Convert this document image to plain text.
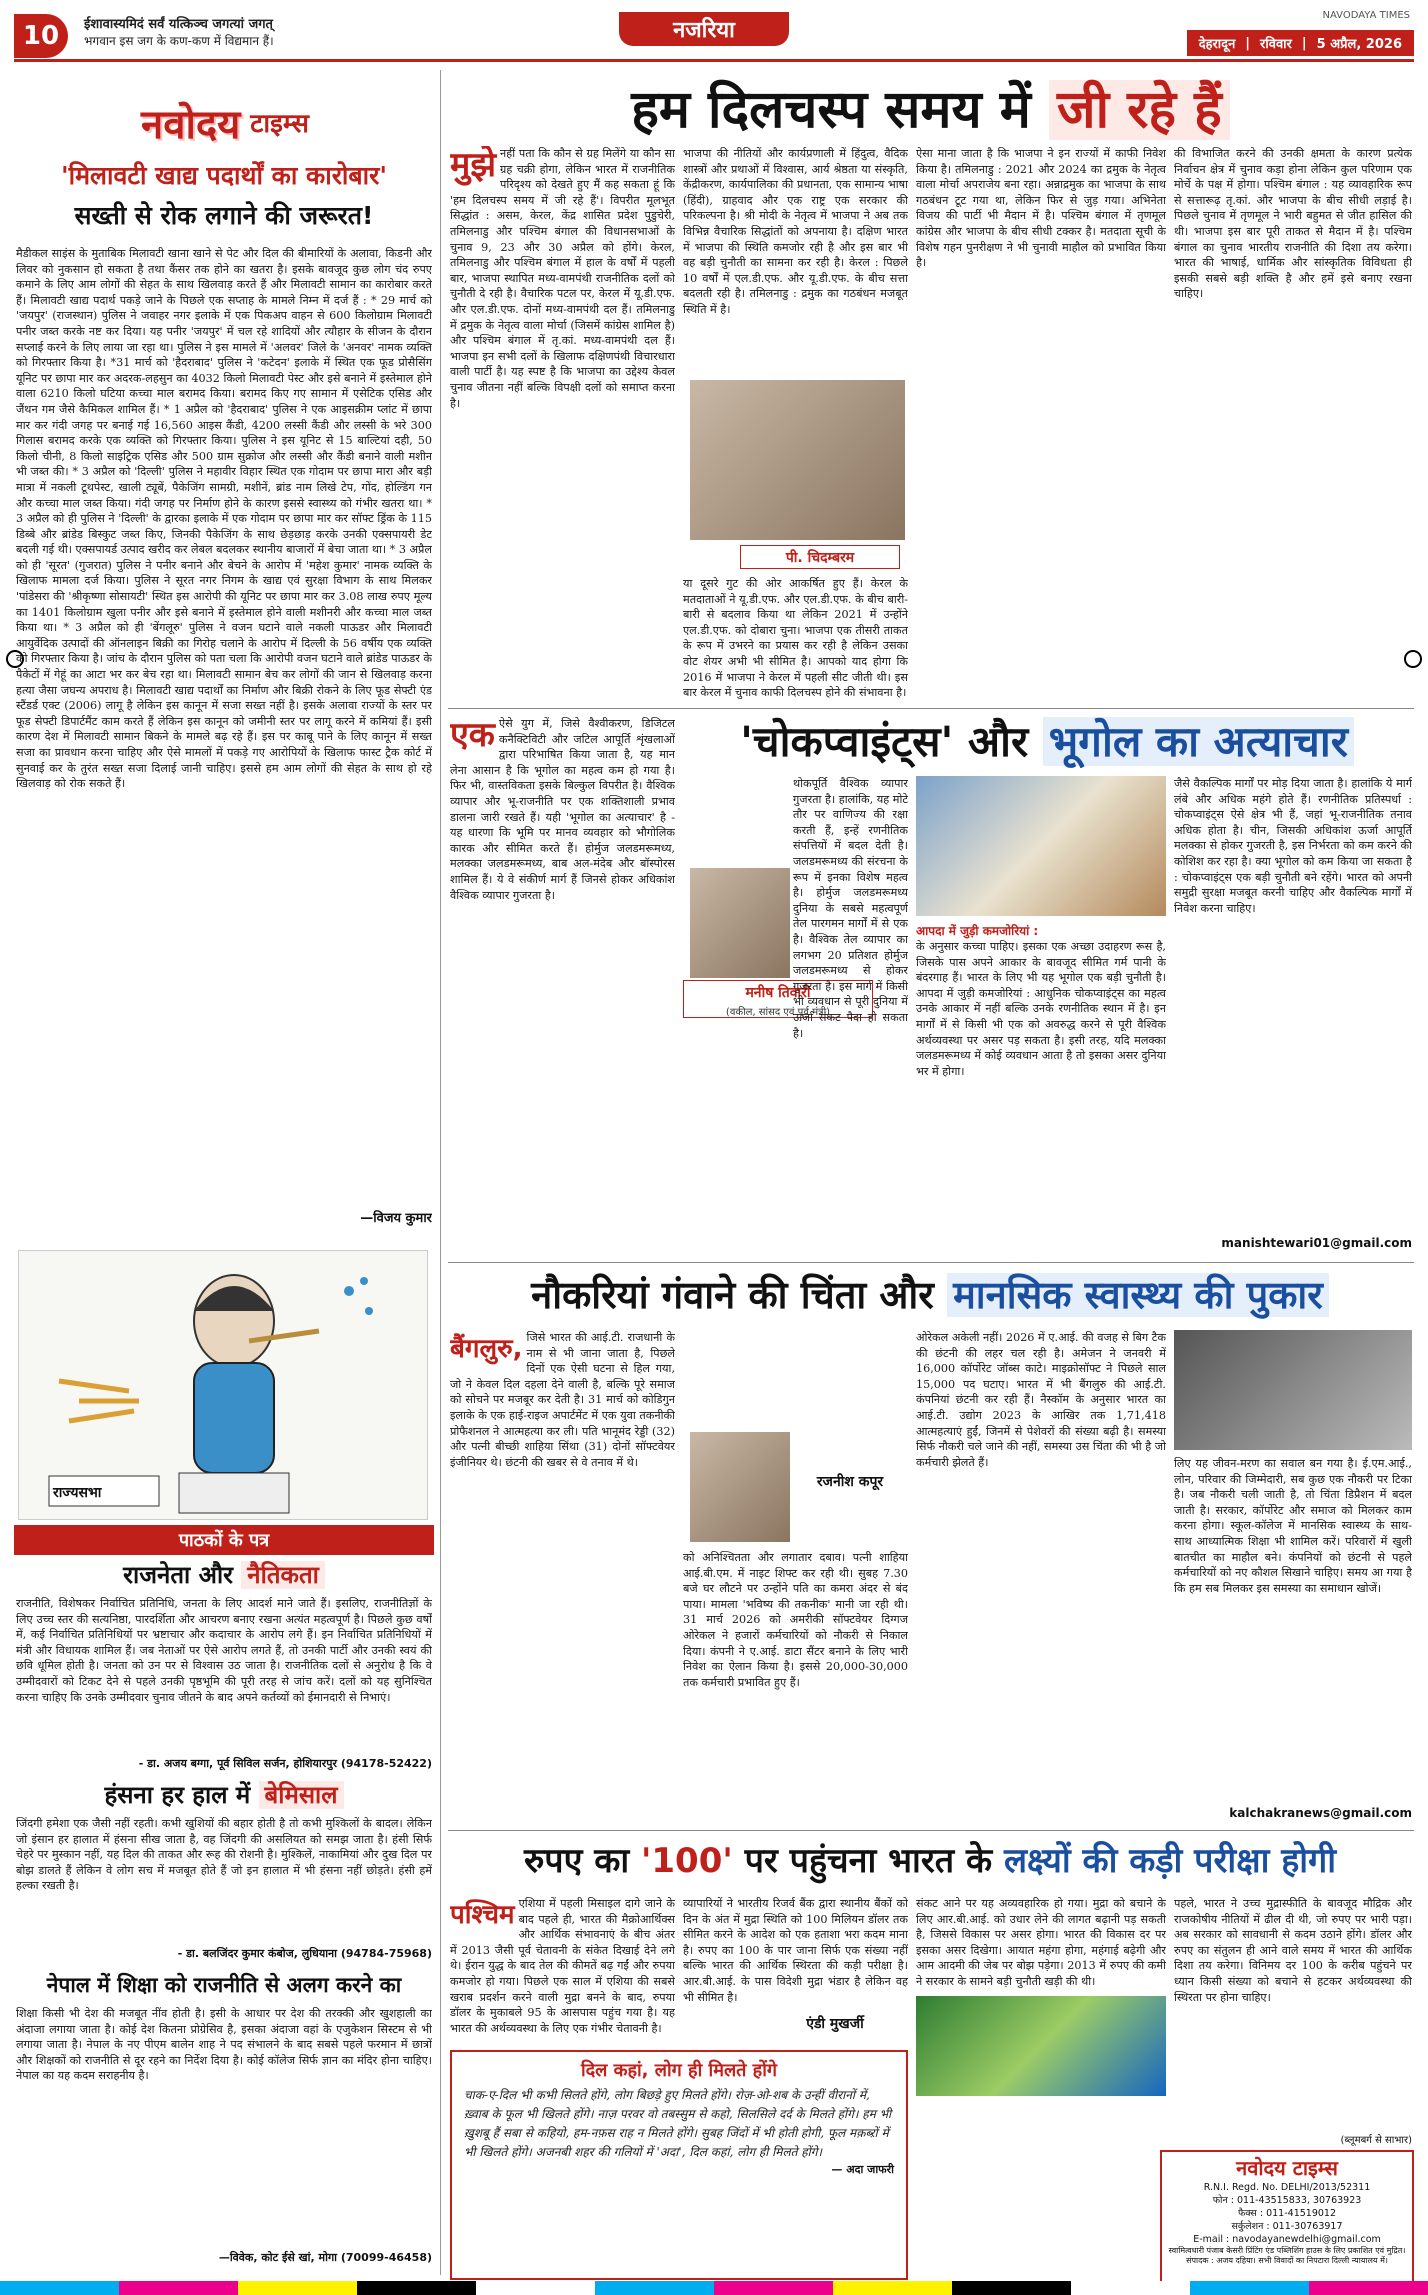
10	ईशावास्यमिदं सर्वं यत्किञ्च जगत्यां जगत्
भगवान इस जग के कण-कण में विद्यमान हैं।	नजरिया
NAVODAYA TIMES
देहरादून | रविवार | 5 अप्रैल, 2026
नवोदय टाइम्स
'मिलावटी खाद्य पदार्थों का कारोबार'
सख्ती से रोक लगाने की जरूरत!
मैडीकल साइंस के मुताबिक मिलावटी खाना खाने से पेट और दिल की बीमारियों के अलावा, किडनी और लिवर को नुकसान हो सकता है तथा कैंसर तक होने का खतरा है। इसके बावजूद कुछ लोग चंद रुपए कमाने के लिए आम लोगों की सेहत के साथ खिलवाड़ करते हैं और मिलावटी सामान का कारोबार करते हैं। मिलावटी खाद्य पदार्थ पकड़े जाने के पिछले एक सप्ताह के मामले निम्न में दर्ज हैं : * 29 मार्च को 'जयपुर' (राजस्थान) पुलिस ने जवाहर नगर इलाके में एक पिकअप वाहन से 600 किलोग्राम मिलावटी पनीर जब्त करके नष्ट कर दिया। यह पनीर 'जयपुर' में चल रहे शादियों और त्यौहार के सीजन के दौरान सप्लाई करने के लिए लाया जा रहा था। पुलिस ने इस मामले में 'अलवर' जिले के 'अनवर' नामक व्यक्ति को गिरफ्तार किया है। *31 मार्च को 'हैदराबाद' पुलिस ने 'कटेदन' इलाके में स्थित एक फूड प्रोसैसिंग यूनिट पर छापा मार कर अदरक-लहसुन का 4032 किलो मिलावटी पेस्ट और इसे बनाने में इस्तेमाल होने वाला 6210 किलो घटिया कच्चा माल बरामद किया। बरामद किए गए सामान में एसेटिक एसिड और जैंथन गम जैसे कैमिकल शामिल हैं। * 1 अप्रैल को 'हैदराबाद' पुलिस ने एक आइसक्रीम प्लांट में छापा मार कर गंदी जगह पर बनाई गई 16,560 आइस कैंडी, 4200 लस्सी कैंडी और लस्सी के भरे 300 गिलास बरामद करके एक व्यक्ति को गिरफ्तार किया। पुलिस ने इस यूनिट से 15 बाल्टियां दही, 50 किलो चीनी, 8 किलो साइट्रिक एसिड और 500 ग्राम सुक्रोज और लस्सी और कैंडी बनाने वाली मशीन भी जब्त की। * 3 अप्रैल को 'दिल्ली' पुलिस ने महावीर विहार स्थित एक गोदाम पर छापा मारा और बड़ी मात्रा में नकली टूथपेस्ट, खाली ट्यूबें, पैकेजिंग सामग्री, मशीनें, ब्रांड नाम लिखे टेप, गोंद, होल्डिंग गन और कच्चा माल जब्त किया। गंदी जगह पर निर्माण होने के कारण इससे स्वास्थ्य को गंभीर खतरा था। * 3 अप्रैल को ही पुलिस ने 'दिल्ली' के द्वारका इलाके में एक गोदाम पर छापा मार कर सॉफ्ट ड्रिंक के 115 डिब्बे और ब्रांडेड बिस्कुट जब्त किए, जिनकी पैकेजिंग के साथ छेड़छाड़ करके उनकी एक्सपायरी डेट बदली गई थी। एक्सपायर्ड उत्पाद खरीद कर लेबल बदलकर स्थानीय बाजारों में बेचा जाता था। * 3 अप्रैल को ही 'सूरत' (गुजरात) पुलिस ने पनीर बनाने और बेचने के आरोप में 'महेश कुमार' नामक व्यक्ति के खिलाफ मामला दर्ज किया। पुलिस ने सूरत नगर निगम के खाद्य एवं सुरक्षा विभाग के साथ मिलकर 'पांडेसरा की 'श्रीकृष्णा सोसायटी' स्थित इस आरोपी की यूनिट पर छापा मार कर 3.08 लाख रुपए मूल्य का 1401 किलोग्राम खुला पनीर और इसे बनाने में इस्तेमाल होने वाली मशीनरी और कच्चा माल जब्त किया था। * 3 अप्रैल को ही 'बेंगलूरु' पुलिस ने वजन घटाने वाले नकली पाऊडर और मिलावटी आयुर्वेदिक उत्पादों की ऑनलाइन बिक्री का गिरोह चलाने के आरोप में दिल्ली के 56 वर्षीय एक व्यक्ति को गिरफ्तार किया है। जांच के दौरान पुलिस को पता चला कि आरोपी वजन घटाने वाले ब्रांडेड पाऊडर के पैकेटों में गेहूं का आटा भर कर बेच रहा था। मिलावटी सामान बेच कर लोगों की जान से खिलवाड़ करना हत्या जैसा जघन्य अपराध है। मिलावटी खाद्य पदार्थों का निर्माण और बिक्री रोकने के लिए फूड सेफ्टी एंड स्टैंडर्ड एक्ट (2006) लागू है लेकिन इस कानून में सजा सख्त नहीं है। इसके अलावा राज्यों के स्तर पर फूड सेफ्टी डिपार्टमैंट काम करते हैं लेकिन इस कानून को जमीनी स्तर पर लागू करने में कमियां हैं। इसी कारण देश में मिलावटी सामान बिकने के मामले बढ़ रहे हैं। इस पर काबू पाने के लिए कानून में सख्त सजा का प्रावधान करना चाहिए और ऐसे मामलों में पकड़े गए आरोपियों के खिलाफ फास्ट ट्रैक कोर्ट में सुनवाई कर के तुरंत सख्त सजा दिलाई जानी चाहिए। इससे हम आम लोगों की सेहत के साथ हो रहे खिलवाड़ को रोक सकते हैं।
—विजय कुमार
राज्यसभा
पाठकों के पत्र
राजनेता और नैतिकता
राजनीति, विशेषकर निर्वाचित प्रतिनिधि, जनता के लिए आदर्श माने जाते हैं। इसलिए, राजनीतिज्ञों के लिए उच्च स्तर की सत्यनिष्ठा, पारदर्शिता और आचरण बनाए रखना अत्यंत महत्वपूर्ण है। पिछले कुछ वर्षों में, कई निर्वाचित प्रतिनिधियों पर भ्रष्टाचार और कदाचार के आरोप लगे हैं। इन निर्वाचित प्रतिनिधियों में मंत्री और विधायक शामिल हैं। जब नेताओं पर ऐसे आरोप लगते हैं, तो उनकी पार्टी और उनकी स्वयं की छवि धूमिल होती है। जनता को उन पर से विश्वास उठ जाता है। राजनीतिक दलों से अनुरोध है कि वे उम्मीदवारों को टिकट देने से पहले उनकी पृष्ठभूमि की पूरी तरह से जांच करें। दलों को यह सुनिश्चित करना चाहिए कि उनके उम्मीदवार चुनाव जीतने के बाद अपने कर्तव्यों को ईमानदारी से निभाएं।
- डा. अजय बग्गा, पूर्व सिविल सर्जन, होशियारपुर (94178-52422)
हंसना हर हाल में बेमिसाल
जिंदगी हमेशा एक जैसी नहीं रहती। कभी खुशियों की बहार होती है तो कभी मुश्किलों के बादल। लेकिन जो इंसान हर हालात में हंसना सीख जाता है, वह जिंदगी की असलियत को समझ जाता है। हंसी सिर्फ चेहरे पर मुस्कान नहीं, यह दिल की ताकत और रूह की रोशनी है। मुश्किलें, नाकामियां और दुख दिल पर बोझ डालते हैं लेकिन वे लोग सच में मजबूत होते हैं जो इन हालात में भी हंसना नहीं छोड़ते। हंसी हमें हल्का रखती है।
- डा. बलजिंदर कुमार कंबोज, लुधियाना (94784-75968)
नेपाल में शिक्षा को राजनीति से अलग करने का
शिक्षा किसी भी देश की मजबूत नींव होती है। इसी के आधार पर देश की तरक्की और खुशहाली का अंदाजा लगाया जाता है। कोई देश कितना प्रोग्रेसिव है, इसका अंदाजा वहां के एजुकेशन सिस्टम से भी लगाया जाता है। नेपाल के नए पीएम बालेन शाह ने पद संभालने के बाद सबसे पहले फरमान में छात्रों और शिक्षकों को राजनीति से दूर रहने का निर्देश दिया है। कोई कॉलेज सिर्फ ज्ञान का मंदिर होना चाहिए। नेपाल का यह कदम सराहनीय है।
—विवेक, कोट ईसे खां, मोगा (70099-46458)
हम दिलचस्प समय में जी रहे हैं
मुझे नहीं पता कि कौन से ग्रह मिलेंगे या कौन सा ग्रह चक्री होगा, लेकिन भारत में राजनीतिक परिदृश्य को देखते हुए मैं कह सकता हूं कि 'हम दिलचस्प समय में जी रहे हैं'। विपरीत मूलभूत सिद्धांत : असम, केरल, केंद्र शासित प्रदेश पुडुचेरी, तमिलनाडु और पश्चिम बंगाल की विधानसभाओं के चुनाव 9, 23 और 30 अप्रैल को होंगे। केरल, तमिलनाडु और पश्चिम बंगाल में हाल के वर्षों में पहली बार, भाजपा स्थापित मध्य-वामपंथी राजनीतिक दलों को चुनौती दे रही है। वैचारिक पटल पर, केरल में यू.डी.एफ. और एल.डी.एफ. दोनों मध्य-वामपंथी दल हैं। तमिलनाडु में द्रमुक के नेतृत्व वाला मोर्चा (जिसमें कांग्रेस शामिल है) और पश्चिम बंगाल में तृ.कां. मध्य-वामपंथी दल हैं। भाजपा इन सभी दलों के खिलाफ दक्षिणपंथी विचारधारा वाली पार्टी है। यह स्पष्ट है कि भाजपा का उद्देश्य केवल चुनाव जीतना नहीं बल्कि विपक्षी दलों को समाप्त करना है।
भाजपा की नीतियों और कार्यप्रणाली में हिंदुत्व, वैदिक शास्त्रों और प्रथाओं में विश्वास, आर्य श्रेष्ठता या संस्कृति, केंद्रीकरण, कार्यपालिका की प्रधानता, एक सामान्य भाषा (हिंदी), ग्राहवाद और एक राष्ट्र एक सरकार की परिकल्पना है। श्री मोदी के नेतृत्व में भाजपा ने अब तक विभिन्न वैचारिक सिद्धांतों को अपनाया है। दक्षिण भारत में भाजपा की स्थिति कमजोर रही है और इस बार भी वह बड़ी चुनौती का सामना कर रही है। केरल : पिछले 10 वर्षों में एल.डी.एफ. और यू.डी.एफ. के बीच सत्ता बदलती रही है। तमिलनाडु : द्रमुक का गठबंधन मजबूत स्थिति में है।
पी. चिदम्बरम
या दूसरे गुट की ओर आकर्षित हुए हैं। केरल के मतदाताओं ने यू.डी.एफ. और एल.डी.एफ. के बीच बारी-बारी से बदलाव किया था लेकिन 2021 में उन्होंने एल.डी.एफ. को दोबारा चुना। भाजपा एक तीसरी ताकत के रूप में उभरने का प्रयास कर रही है लेकिन उसका वोट शेयर अभी भी सीमित है। आपको याद होगा कि 2016 में भाजपा ने केरल में पहली सीट जीती थी। इस बार केरल में चुनाव काफी दिलचस्प होने की संभावना है।
ऐसा माना जाता है कि भाजपा ने इन राज्यों में काफी निवेश किया है। तमिलनाडु : 2021 और 2024 का द्रमुक के नेतृत्व वाला मोर्चा अपराजेय बना रहा। अन्नाद्रमुक का भाजपा के साथ गठबंधन टूट गया था, लेकिन फिर से जुड़ गया। अभिनेता विजय की पार्टी भी मैदान में है। पश्चिम बंगाल में तृणमूल कांग्रेस और भाजपा के बीच सीधी टक्कर है। मतदाता सूची के विशेष गहन पुनरीक्षण ने भी चुनावी माहौल को प्रभावित किया है।
की विभाजित करने की उनकी क्षमता के कारण प्रत्येक निर्वाचन क्षेत्र में चुनाव कड़ा होना लेकिन कुल परिणाम एक मोर्चे के पक्ष में होगा। पश्चिम बंगाल : यह व्यावहारिक रूप से सत्तारूढ़ तृ.कां. और भाजपा के बीच सीधी लड़ाई है। पिछले चुनाव में तृणमूल ने भारी बहुमत से जीत हासिल की थी। भाजपा इस बार पूरी ताकत से मैदान में है। पश्चिम बंगाल का चुनाव भारतीय राजनीति की दिशा तय करेगा। भारत की भाषाई, धार्मिक और सांस्कृतिक विविधता ही इसकी सबसे बड़ी शक्ति है और हमें इसे बनाए रखना चाहिए।
एक ऐसे युग में, जिसे वैश्वीकरण, डिजिटल कनैक्टिविटी और जटिल आपूर्ति शृंखलाओं द्वारा परिभाषित किया जाता है, यह मान लेना आसान है कि भूगोल का महत्व कम हो गया है। फिर भी, वास्तविकता इसके बिल्कुल विपरीत है। वैश्विक व्यापार और भू-राजनीति पर एक शक्तिशाली प्रभाव डालना जारी रखते हैं। यही 'भूगोल का अत्याचार' है - यह धारणा कि भूमि पर मानव व्यवहार को भौगोलिक कारक और सीमित करते हैं। होर्मुज जलडमरूमध्य, मलक्का जलडमरूमध्य, बाब अल-मंदेब और बॉस्पोरस शामिल हैं। ये वे संकीर्ण मार्ग हैं जिनसे होकर अधिकांश वैश्विक व्यापार गुजरता है।
'चोकप्वाइंट्स' और भूगोल का अत्याचार
मनीष तिवारी
(वकील, सांसद एवं पूर्व मंत्री)
थोकपूर्ति वैश्विक व्यापार गुजरता है। हालांकि, यह मोटे तौर पर वाणिज्य की रक्षा करती हैं, इन्हें रणनीतिक संपत्तियों में बदल देती है। जलडमरूमध्य की संरचना के रूप में इनका विशेष महत्व है। होर्मुज जलडमरूमध्य दुनिया के सबसे महत्वपूर्ण तेल पारगमन मार्गों में से एक है। वैश्विक तेल व्यापार का लगभग 20 प्रतिशत होर्मुज जलडमरूमध्य से होकर गुजरता है। इस मार्ग में किसी भी व्यवधान से पूरी दुनिया में ऊर्जा संकट पैदा हो सकता है।
आपदा में जुड़ी कमजोरियां :
के अनुसार कच्चा पाहिए। इसका एक अच्छा उदाहरण रूस है, जिसके पास अपने आकार के बावजूद सीमित गर्म पानी के बंदरगाह हैं। भारत के लिए भी यह भूगोल एक बड़ी चुनौती है। आपदा में जुड़ी कमजोरियां : आधुनिक चोकप्वाइंट्स का महत्व उनके आकार में नहीं बल्कि उनके रणनीतिक स्थान में है। इन मार्गों में से किसी भी एक को अवरुद्ध करने से पूरी वैश्विक अर्थव्यवस्था पर असर पड़ सकता है। इसी तरह, यदि मलक्का जलडमरूमध्य में कोई व्यवधान आता है तो इसका असर दुनिया भर में होगा।
जैसे वैकल्पिक मार्गों पर मोड़ दिया जाता है। हालांकि ये मार्ग लंबे और अधिक महंगे होते हैं। रणनीतिक प्रतिस्पर्धा : चोकप्वाइंट्स ऐसे क्षेत्र भी हैं, जहां भू-राजनीतिक तनाव अधिक होता है। चीन, जिसकी अधिकांश ऊर्जा आपूर्ति मलक्का से होकर गुजरती है, इस निर्भरता को कम करने की कोशिश कर रहा है। क्या भूगोल को कम किया जा सकता है : चोकप्वाइंट्स एक बड़ी चुनौती बने रहेंगे। भारत को अपनी समुद्री सुरक्षा मजबूत करनी चाहिए और वैकल्पिक मार्गों में निवेश करना चाहिए।
manishtewari01@gmail.com
नौकरियां गंवाने की चिंता और मानसिक स्वास्थ्य की पुकार
बैंगलुरु, जिसे भारत की आई.टी. राजधानी के नाम से भी जाना जाता है, पिछले दिनों एक ऐसी घटना से हिल गया, जो ने केवल दिल दहला देने वाली है, बल्कि पूरे समाज को सोचने पर मजबूर कर देती है। 31 मार्च को कोडिगुन इलाके के एक हाई-राइज अपार्टमेंट में एक युवा तकनीकी प्रोफैशनल ने आत्महत्या कर ली। पति भानूमंद रेड्डी (32) और पत्नी बीच्छी शाहिया सिंथा (31) दोनों सॉफ्टवेयर इंजीनियर थे। छंटनी की खबर से वे तनाव में थे।
रजनीश कपूर
को अनिश्चितता और लगातार दबाव। पत्नी शाहिया आई.बी.एम. में नाइट शिफ्ट कर रही थी। सुबह 7.30 बजे घर लौटने पर उन्होंने पति का कमरा अंदर से बंद पाया। मामला 'भविष्य की तकनीक' मानी जा रही थी। 31 मार्च 2026 को अमरीकी सॉफ्टवेयर दिग्गज ओरेकल ने हजारों कर्मचारियों को नौकरी से निकाल दिया। कंपनी ने ए.आई. डाटा सैंटर बनाने के लिए भारी निवेश का ऐलान किया है। इससे 20,000-30,000 तक कर्मचारी प्रभावित हुए हैं।
ओरेकल अकेली नहीं। 2026 में ए.आई. की वजह से बिग टैक की छंटनी की लहर चल रही है। अमेजन ने जनवरी में 16,000 कॉर्पोरेट जॉब्स काटे। माइक्रोसॉफ्ट ने पिछले साल 15,000 पद घटाए। भारत में भी बैंगलुरु की आई.टी. कंपनियां छंटनी कर रही हैं। नैस्कॉम के अनुसार भारत का आई.टी. उद्योग 2023 के आखिर तक 1,71,418 आत्महत्याएं हुईं, जिनमें से पेशेवरों की संख्या बढ़ी है। समस्या सिर्फ नौकरी चले जाने की नहीं, समस्या उस चिंता की भी है जो कर्मचारी झेलते हैं।	लिए यह जीवन-मरण का सवाल बन गया है। ई.एम.आई., लोन, परिवार की जिम्मेदारी, सब कुछ एक नौकरी पर टिका है। जब नौकरी चली जाती है, तो चिंता डिप्रैशन में बदल जाती है। सरकार, कॉर्पोरेट और समाज को मिलकर काम करना होगा। स्कूल-कॉलेज में मानसिक स्वास्थ्य के साथ-साथ आध्यात्मिक शिक्षा भी शामिल करें। परिवारों में खुली बातचीत का माहौल बने। कंपनियों को छंटनी से पहले कर्मचारियों को नए कौशल सिखाने चाहिए। समय आ गया है कि हम सब मिलकर इस समस्या का समाधान खोजें।
kalchakranews@gmail.com
रुपए का '100' पर पहुंचना भारत के लक्ष्यों की कड़ी परीक्षा होगी
पश्चिम एशिया में पहली मिसाइल दागे जाने के बाद पहले ही, भारत की मैक्रोआर्थिक्स और आर्थिक संभावनाएं के बीच अंतर में 2013 जैसी पूर्व चेतावनी के संकेत दिखाई देने लगे थे। ईरान युद्ध के बाद तेल की कीमतें बढ़ गईं और रुपया कमजोर हो गया। पिछले एक साल में एशिया की सबसे खराब प्रदर्शन करने वाली मुद्रा बनने के बाद, रुपया डॉलर के मुकाबले 95 के आसपास पहुंच गया है। यह भारत की अर्थव्यवस्था के लिए एक गंभीर चेतावनी है।
दिल कहां, लोग ही मिलते होंगे
चाक-ए-दिल भी कभी सिलते होंगे, लोग बिछड़े हुए मिलते होंगे। रोज़-ओ-शब के उन्हीं वीरानों में, ख़्वाब के फूल भी खिलते होंगे। नाज़ परवर वो तबस्सुम से कहो, सिलसिले दर्द के मिलते होंगे। हम भी ख़ुशबू हैं सबा से कहियो, हम-नफ़स राह न मिलते होंगे। सुबह जिंदों में भी होती होगी, फूल मक़ब्ऱों में भी खिलते होंगे। अजनबी शहर की गलियों में 'अदा', दिल कहां, लोग ही मिलते होंगे।
— अदा जाफरी
व्यापारियों ने भारतीय रिजर्व बैंक द्वारा स्थानीय बैंकों को दिन के अंत में मुद्रा स्थिति को 100 मिलियन डॉलर तक सीमित करने के आदेश को एक हताशा भरा कदम माना है। रुपए का 100 के पार जाना सिर्फ एक संख्या नहीं बल्कि भारत की आर्थिक स्थिरता की कड़ी परीक्षा है। आर.बी.आई. के पास विदेशी मुद्रा भंडार है लेकिन वह भी सीमित है।
एंडी मुखर्जी
संकट आने पर यह अव्यवहारिक हो गया। मुद्रा को बचाने के लिए आर.बी.आई. को उधार लेने की लागत बढ़ानी पड़ सकती है, जिससे विकास पर असर होगा। भारत की विकास दर पर इसका असर दिखेगा। आयात महंगा होगा, महंगाई बढ़ेगी और आम आदमी की जेब पर बोझ पड़ेगा। 2013 में रुपए की कमी ने सरकार के सामने बड़ी चुनौती खड़ी की थी।
पहले, भारत ने उच्च मुद्रास्फीति के बावजूद मौद्रिक और राजकोषीय नीतियों में ढील दी थी, जो रुपए पर भारी पड़ा। अब सरकार को सावधानी से कदम उठाने होंगे। डॉलर और रुपए का संतुलन ही आने वाले समय में भारत की आर्थिक दिशा तय करेगा। विनिमय दर 100 के करीब पहुंचने पर ध्यान किसी संख्या को बचाने से हटकर अर्थव्यवस्था की स्थिरता पर होना चाहिए।
(ब्लूमबर्ग से साभार)
नवोदय टाइम्स
R.N.I. Regd. No. DELHI/2013/52311
फोन : 011-43515833, 30763923
फैक्स : 011-41519012
सर्कुलेशन : 011-30763917
E-mail : navodayanewdelhi@gmail.com
स्वामित्वधारी पंजाब केसरी प्रिंटिंग एंड पब्लिशिंग हाउस के लिए प्रकाशित एवं मुद्रित। संपादक : अजय दहिया। सभी विवादों का निपटारा दिल्ली न्यायालय में।
